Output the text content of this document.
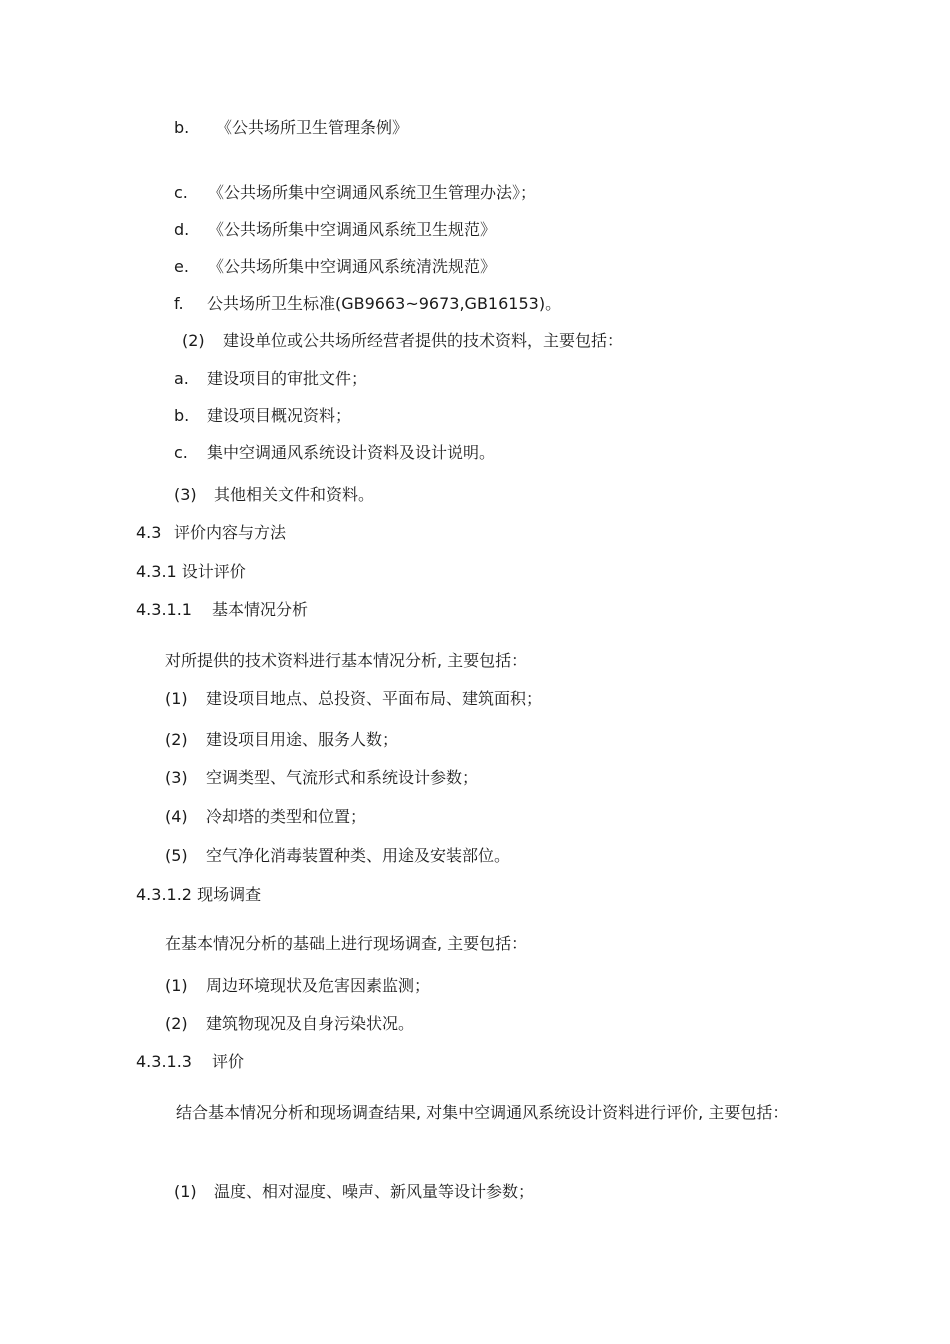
b. 《公共场所卫生管理条例》
c. 《公共场所集中空调通风系统卫生管理办法》；
d. 《公共场所集中空调通风系统卫生规范》
e. 《公共场所集中空调通风系统清洗规范》
f. 公共场所卫生标准(GB9663~9673,GB16153)。
(2) 建设单位或公共场所经营者提供的技术资料，主要包括：
a. 建设项目的审批文件；
b. 建设项目概况资料；
c. 集中空调通风系统设计资料及设计说明。
(3) 其他相关文件和资料。
4.3 评价内容与方法
4.3.1 设计评价
4.3.1.1 基本情况分析
对所提供的技术资料进行基本情况分析, 主要包括：
(1) 建设项目地点、总投资、平面布局、建筑面积；
(2) 建设项目用途、服务人数；
(3) 空调类型、气流形式和系统设计参数；
(4) 冷却塔的类型和位置；
(5) 空气净化消毒装置种类、用途及安装部位。
4.3.1.2 现场调查
在基本情况分析的基础上进行现场调查, 主要包括：
(1) 周边环境现状及危害因素监测；
(2) 建筑物现况及自身污染状况。
4.3.1.3 评价
结合基本情况分析和现场调查结果, 对集中空调通风系统设计资料进行评价, 主要包括：
(1) 温度、相对湿度、噪声、新风量等设计参数；
